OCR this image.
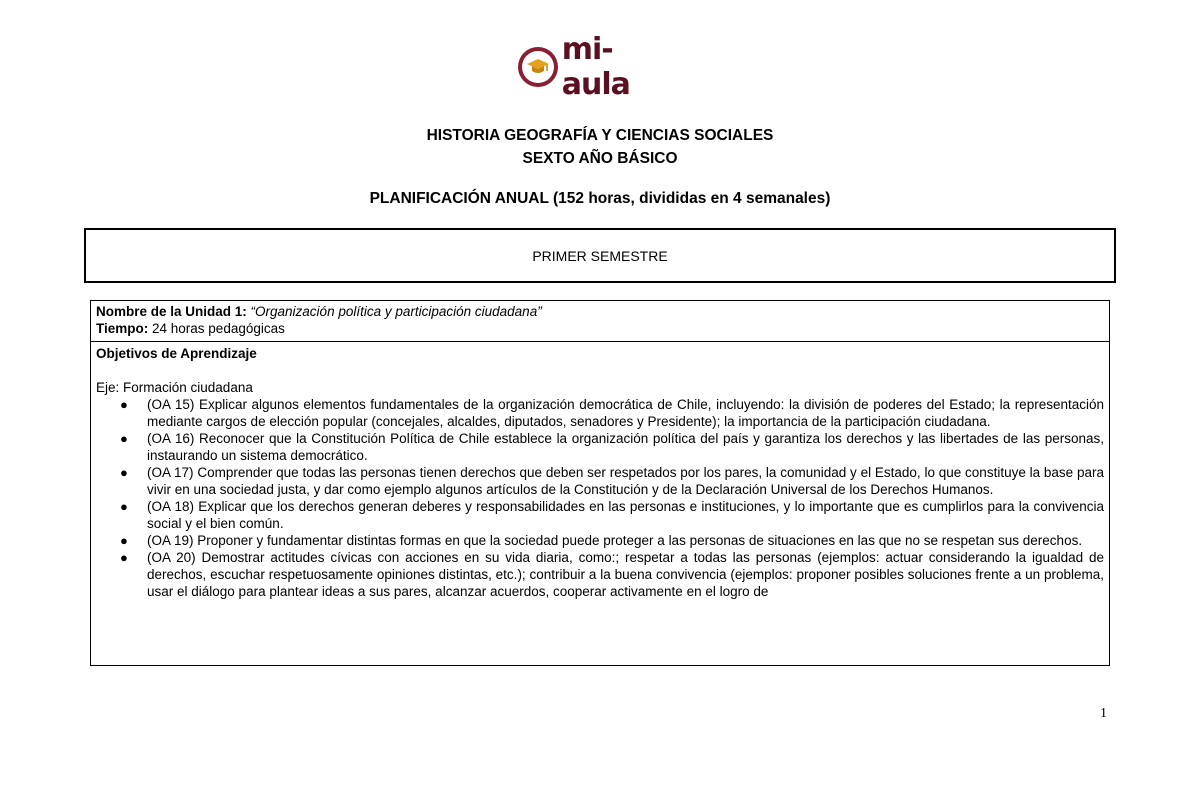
mi-aula
HISTORIA GEOGRAFÍA Y CIENCIAS SOCIALES
SEXTO AÑO BÁSICO
PLANIFICACIÓN ANUAL (152 horas, divididas en 4 semanales)
PRIMER SEMESTRE
Nombre de la Unidad 1: “Organización política y participación ciudadana”
Tiempo: 24 horas pedagógicas
Objetivos de Aprendizaje
Eje: Formación ciudadana
● (OA 15) Explicar algunos elementos fundamentales de la organización democrática de Chile, incluyendo: la división de poderes del Estado; la representación mediante cargos de elección popular (concejales, alcaldes, diputados, senadores y Presidente); la importancia de la participación ciudadana.
● (OA 16) Reconocer que la Constitución Política de Chile establece la organización política del país y garantiza los derechos y las libertades de las personas, instaurando un sistema democrático.
● (OA 17) Comprender que todas las personas tienen derechos que deben ser respetados por los pares, la comunidad y el Estado, lo que constituye la base para vivir en una sociedad justa, y dar como ejemplo algunos artículos de la Constitución y de la Declaración Universal de los Derechos Humanos.
● (OA 18) Explicar que los derechos generan deberes y responsabilidades en las personas e instituciones, y lo importante que es cumplirlos para la convivencia social y el bien común.
● (OA 19) Proponer y fundamentar distintas formas en que la sociedad puede proteger a las personas de situaciones en las que no se respetan sus derechos.
● (OA 20) Demostrar actitudes cívicas con acciones en su vida diaria, como:; respetar a todas las personas (ejemplos: actuar considerando la igualdad de derechos, escuchar respetuosamente opiniones distintas, etc.); contribuir a la buena convivencia (ejemplos: proponer posibles soluciones frente a un problema, usar el diálogo para plantear ideas a sus pares, alcanzar acuerdos, cooperar activamente en el logro de
1
